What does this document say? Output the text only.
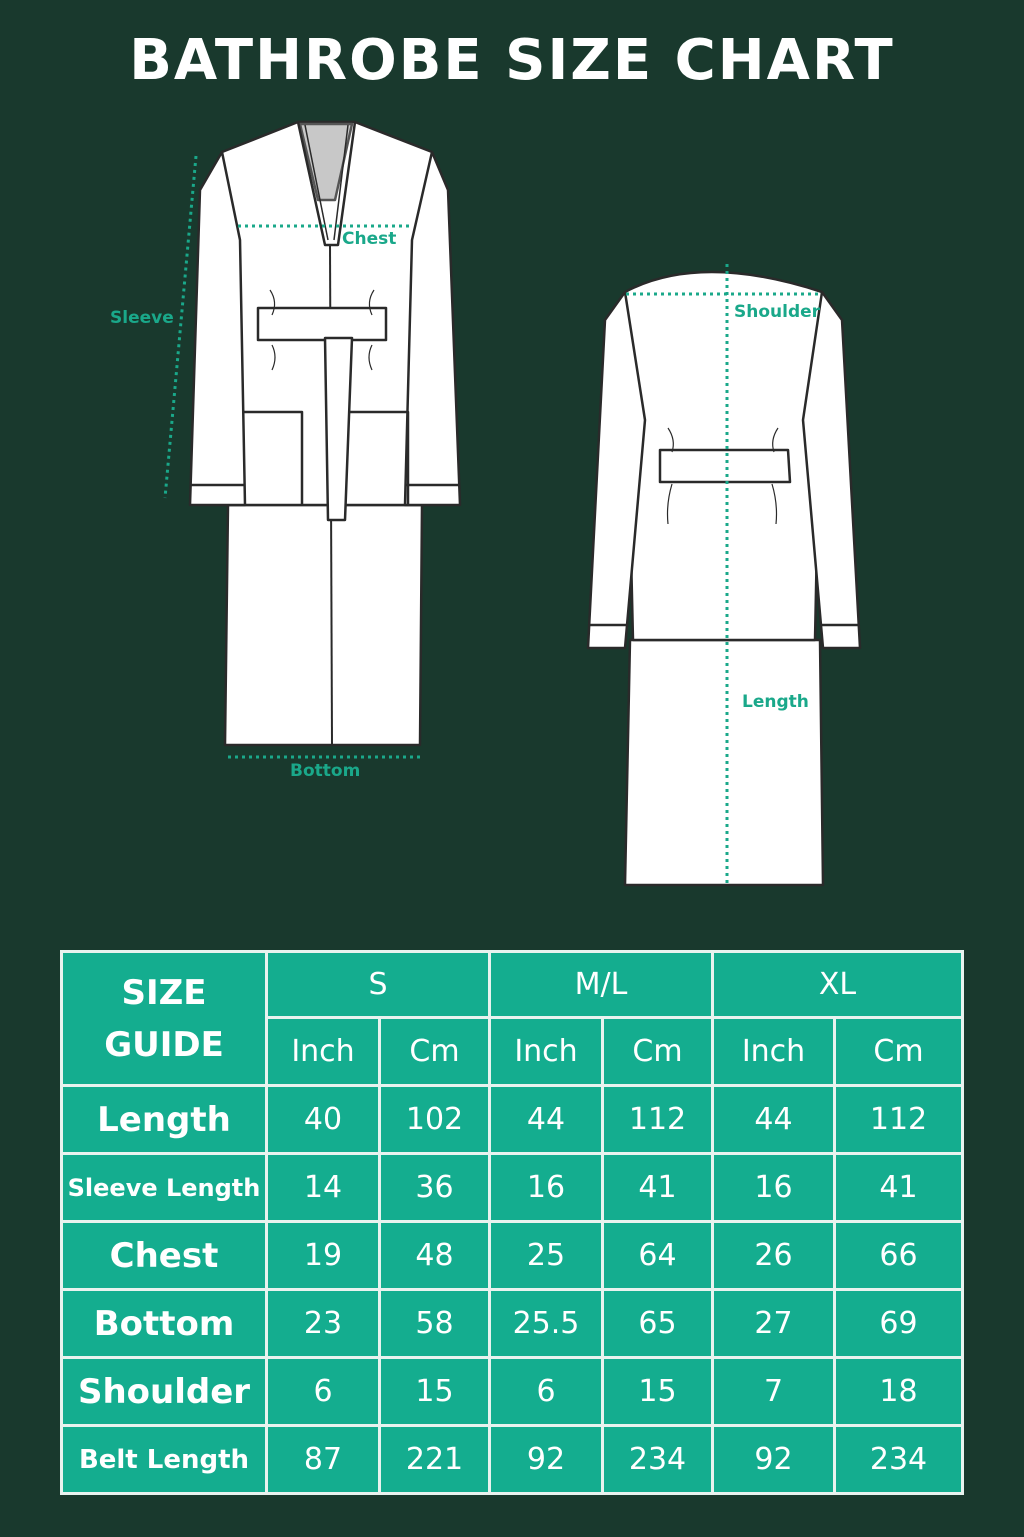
BATHROBE SIZE CHART
Chest
Sleeve
Bottom
Shoulder
Length
SIZE
GUIDE	S		M/L		XL	
	Inch	Cm	Inch	Cm	Inch	Cm
Length	40	102	44	112	44	112
Sleeve Length	14	36	16	41	16	41
Chest	19	48	25	64	26	66
Bottom	23	58	25.5	65	27	69
Shoulder	6	15	6	15	7	18
Belt Length	87	221	92	234	92	234
